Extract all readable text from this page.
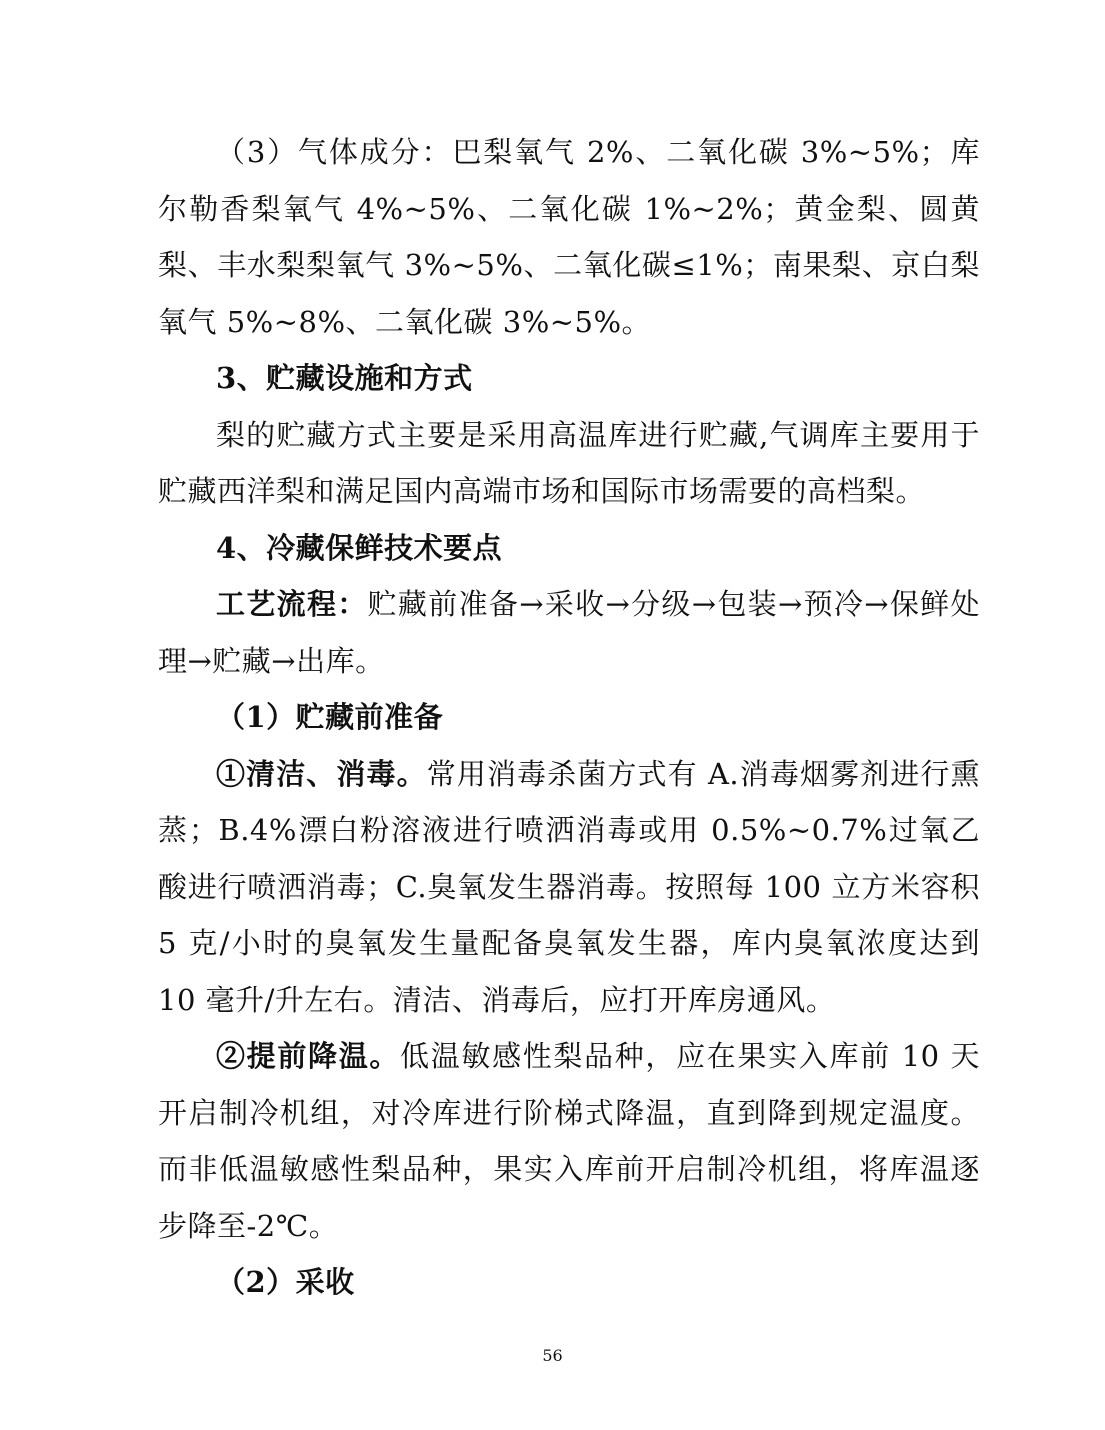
（3）气体成分：巴梨氧气 2%、二氧化碳 3%~5%；库尔勒香梨氧气 4%~5%、二氧化碳 1%~2%；黄金梨、圆黄梨、丰水梨梨氧气 3%~5%、二氧化碳≤1%；南果梨、京白梨氧气 5%~8%、二氧化碳 3%~5%。

3、贮藏设施和方式

梨的贮藏方式主要是采用高温库进行贮藏,气调库主要用于贮藏西洋梨和满足国内高端市场和国际市场需要的高档梨。

4、冷藏保鲜技术要点

工艺流程：贮藏前准备→采收→分级→包装→预冷→保鲜处理→贮藏→出库。

（1）贮藏前准备

①清洁、消毒。常用消毒杀菌方式有 A.消毒烟雾剂进行熏蒸；B.4%漂白粉溶液进行喷洒消毒或用 0.5%~0.7%过氧乙酸进行喷洒消毒；C.臭氧发生器消毒。按照每 100 立方米容积 5 克/小时的臭氧发生量配备臭氧发生器，库内臭氧浓度达到 10 毫升/升左右。清洁、消毒后，应打开库房通风。

②提前降温。低温敏感性梨品种，应在果实入库前 10 天开启制冷机组，对冷库进行阶梯式降温，直到降到规定温度。而非低温敏感性梨品种，果实入库前开启制冷机组，将库温逐步降至-2℃。

（2）采收

56
